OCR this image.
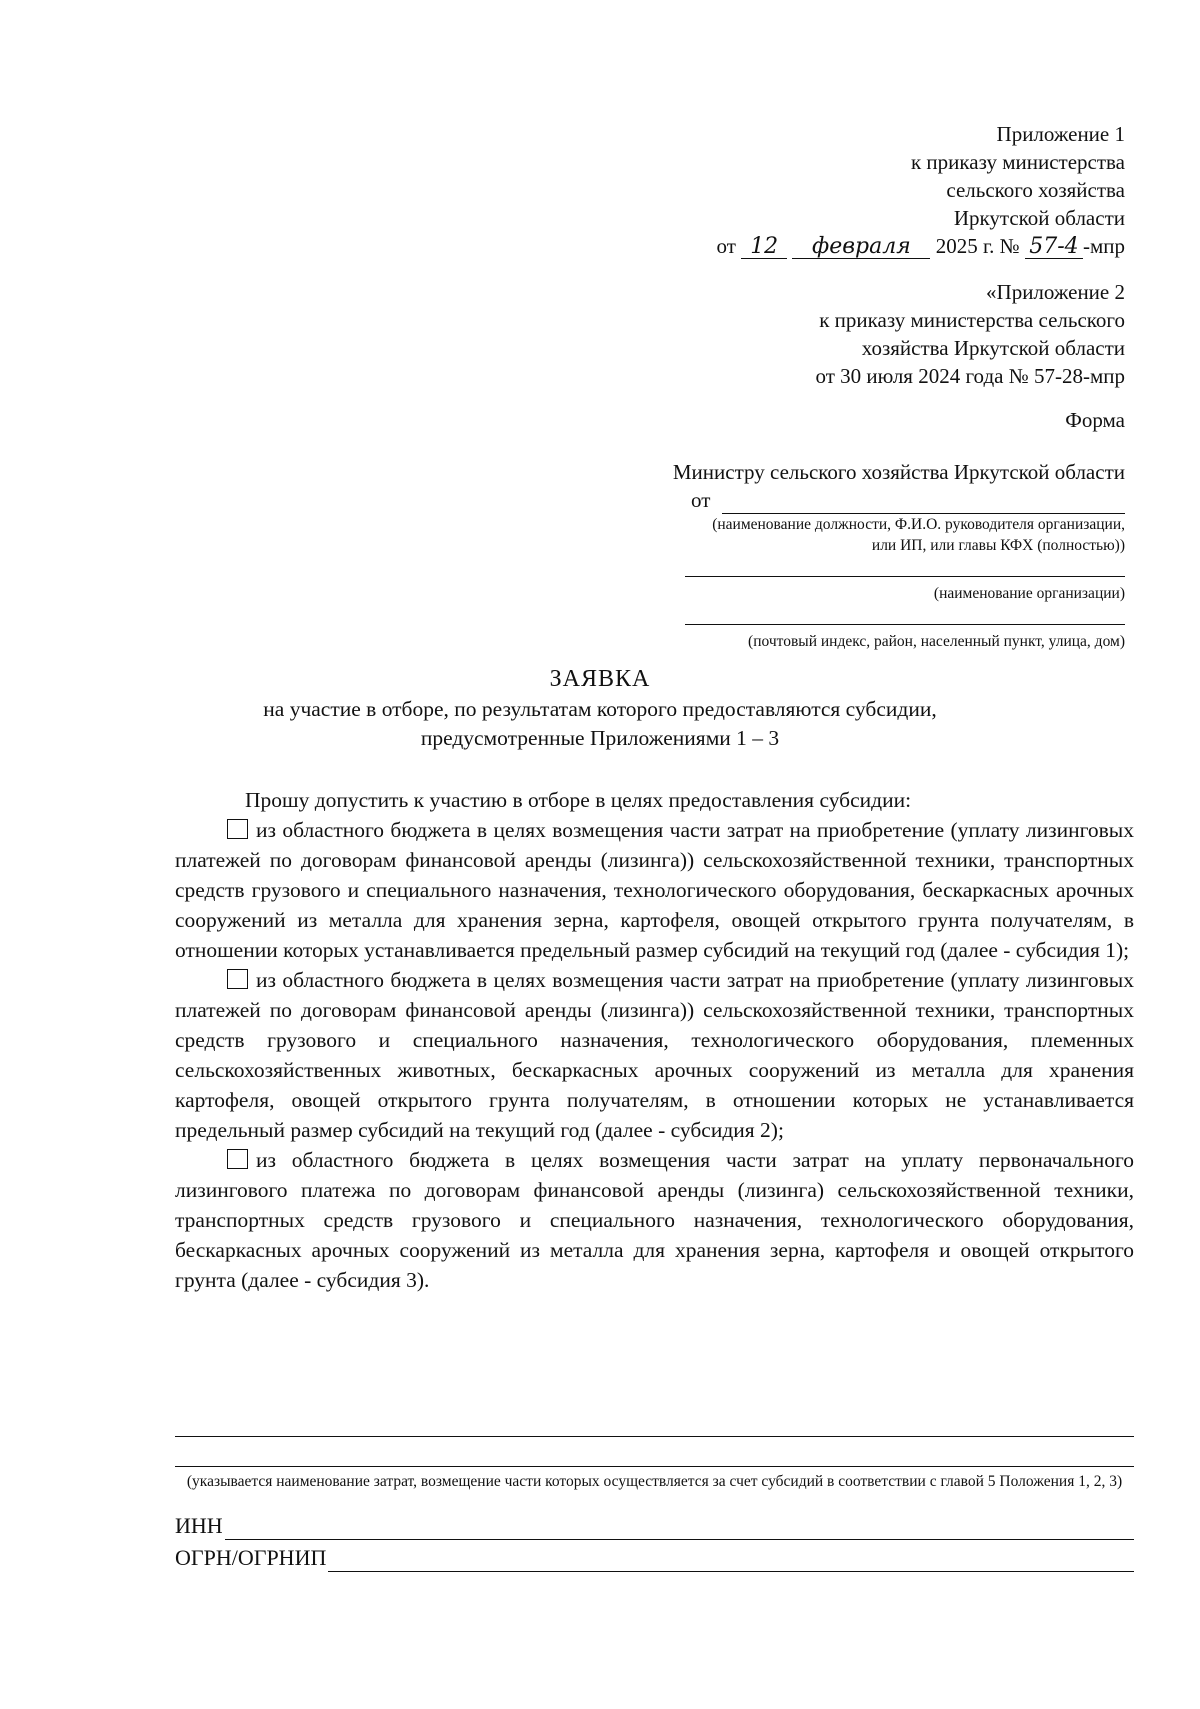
Приложение 1
к приказу министерства
сельского хозяйства
Иркутской области
от 12 февраля 2025 г. № 57-4 -мпр
«Приложение 2
к приказу министерства сельского
хозяйства Иркутской области
от 30 июля 2024 года № 57-28-мпр
Форма
Министру сельского хозяйства Иркутской области
от
(наименование должности, Ф.И.О. руководителя организации,
или ИП, или главы КФХ (полностью))
(наименование организации)
(почтовый индекс, район, населенный пункт, улица, дом)
ЗАЯВКА
на участие в отборе, по результатам которого предоставляются субсидии,
предусмотренные Приложениями 1 – 3

Прошу допустить к участию в отборе в целях предоставления субсидии:

из областного бюджета в целях возмещения части затрат на приобретение (уплату лизинговых платежей по договорам финансовой аренды (лизинга)) сельскохозяйственной техники, транспортных средств грузового и специального назначения, технологического оборудования, бескаркасных арочных сооружений из металла для хранения зерна, картофеля, овощей открытого грунта получателям, в отношении которых устанавливается предельный размер субсидий на текущий год (далее - субсидия 1);

из областного бюджета в целях возмещения части затрат на приобретение (уплату лизинговых платежей по договорам финансовой аренды (лизинга)) сельскохозяйственной техники, транспортных средств грузового и специального назначения, технологического оборудования, племенных сельскохозяйственных животных, бескаркасных арочных сооружений из металла для хранения картофеля, овощей открытого грунта получателям, в отношении которых не устанавливается предельный размер субсидий на текущий год (далее - субсидия 2);

из областного бюджета в целях возмещения части затрат на уплату первоначального лизингового платежа по договорам финансовой аренды (лизинга) сельскохозяйственной техники, транспортных средств грузового и специального назначения, технологического оборудования, бескаркасных арочных сооружений из металла для хранения зерна, картофеля и овощей открытого грунта (далее - субсидия 3).

(указывается наименование затрат, возмещение части которых осуществляется за счет субсидий в соответствии с главой 5 Положения 1, 2, 3)
ИНН
ОГРН/ОГРНИП
